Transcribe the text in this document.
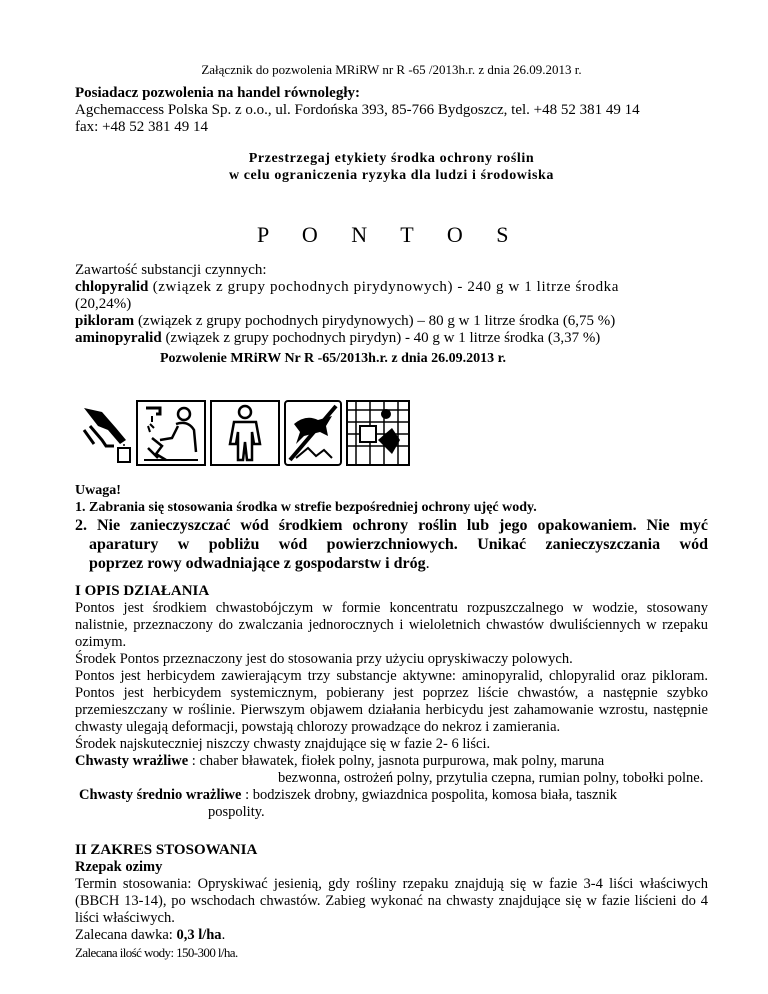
Załącznik do pozwolenia MRiRW nr R -65 /2013h.r. z dnia 26.09.2013 r.

Posiadacz pozwolenia na handel równoległy:

Agchemaccess Polska Sp. z o.o., ul. Fordońska 393, 85-766 Bydgoszcz, tel. +48 52 381 49 14

fax: +48 52 381 49 14

Przestrzegaj etykiety środka ochrony roślin

w celu ograniczenia ryzyka dla ludzi i środowiska

P O N T O S

Zawartość substancji czynnych:

chlopyralid (związek z grupy pochodnych pirydynowych) - 240 g w 1 litrze środka

(20,24%)

pikloram (związek z grupy pochodnych pirydynowych) – 80 g w 1 litrze środka (6,75 %)

aminopyralid (związek z grupy pochodnych pirydyn) - 40 g w 1 litrze środka (3,37 %)

Pozwolenie MRiRW Nr R -65/2013h.r. z dnia 26.09.2013 r.

Uwaga!

1. Zabrania się stosowania środka w strefie bezpośredniej ochrony ujęć wody.

2. Nie zanieczyszczać wód środkiem ochrony roślin lub jego opakowaniem. Nie myć

aparatury w pobliżu wód powierzchniowych. Unikać zanieczyszczania wód

poprzez rowy odwadniające z gospodarstw i dróg.

I OPIS DZIAŁANIA

Pontos jest środkiem chwastobójczym w formie koncentratu rozpuszczalnego w wodzie, stosowany nalistnie, przeznaczony do zwalczania jednorocznych i wieloletnich chwastów dwuliściennych w rzepaku ozimym.

Środek Pontos przeznaczony jest do stosowania przy użyciu opryskiwaczy polowych.

Pontos jest herbicydem zawierającym trzy substancje aktywne: aminopyralid, chlopyralid oraz pikloram. Pontos jest herbicydem systemicznym, pobierany jest poprzez liście chwastów, a następnie szybko przemieszczany w roślinie. Pierwszym objawem działania herbicydu jest zahamowanie wzrostu, następnie chwasty ulegają deformacji, powstają chlorozy prowadzące do nekroz i zamierania.

Środek najskuteczniej niszczy chwasty znajdujące się w fazie 2- 6 liści.

Chwasty wrażliwe : chaber bławatek, fiołek polny, jasnota purpurowa, mak polny, maruna

bezwonna, ostrożeń polny, przytulia czepna, rumian polny, tobołki polne.

Chwasty średnio wrażliwe : bodziszek drobny, gwiazdnica pospolita, komosa biała, tasznik

pospolity.

II ZAKRES STOSOWANIA

Rzepak ozimy

Termin stosowania: Opryskiwać jesienią, gdy rośliny rzepaku znajdują się w fazie 3-4 liści właściwych (BBCH 13-14), po wschodach chwastów. Zabieg wykonać na chwasty znajdujące się w fazie liścieni do 4 liści właściwych.

Zalecana dawka: 0,3 l/ha.

Zalecana ilość wody: 150-300 l/ha.
